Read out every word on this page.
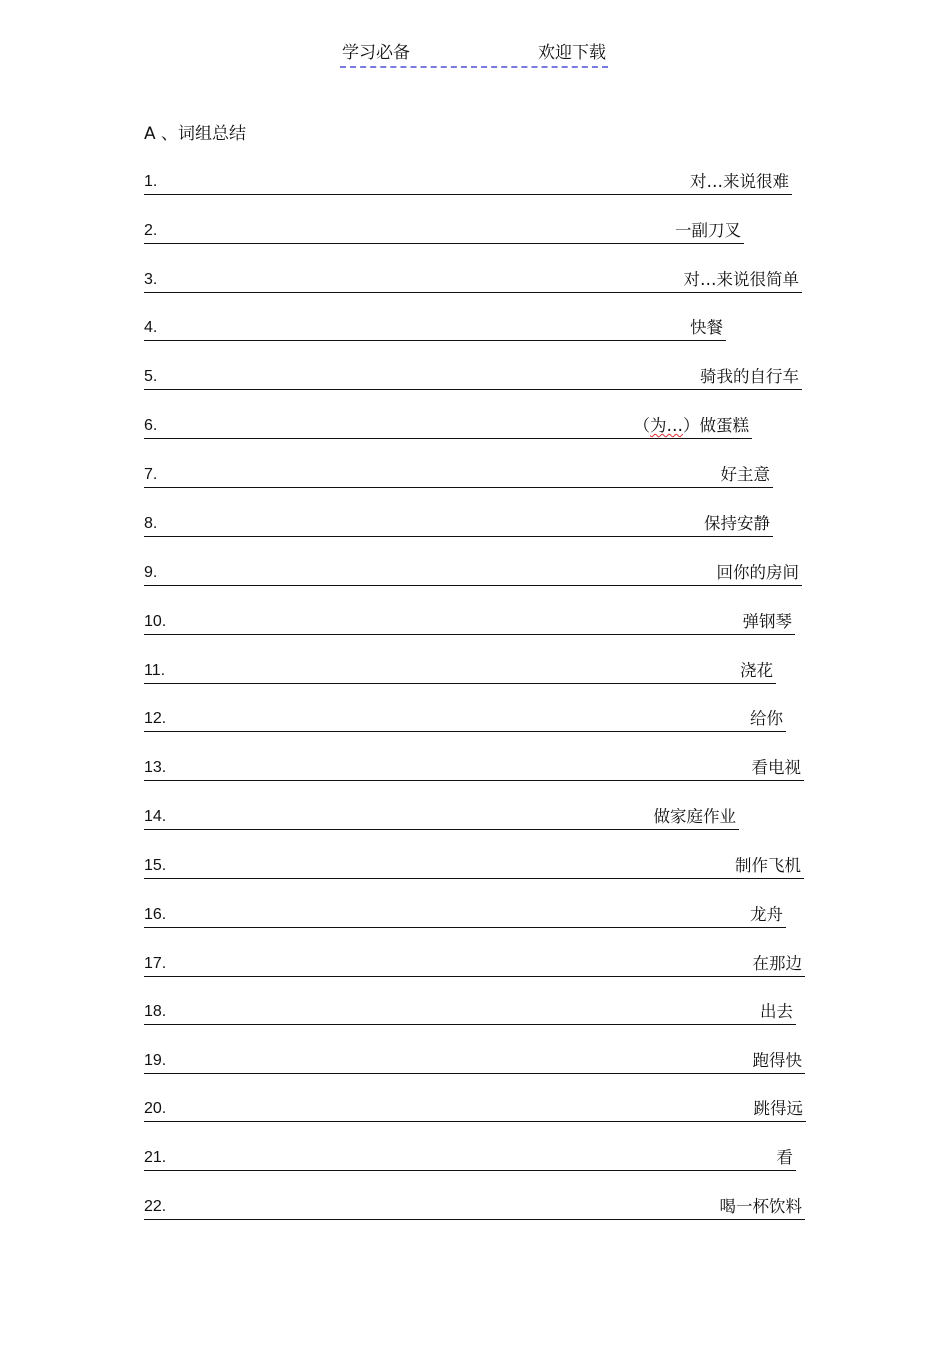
学习必备	欢迎下载
A 、词组总结
1.	对…来说很难
2.	一副刀叉
3.	对…来说很简单
4.	快餐
5.	骑我的自行车
6.	（为…）做蛋糕
7.	好主意
8.	保持安静
9.	回你的房间
10.	弹钢琴
11.	浇花
12.	给你
13.	看电视
14.	做家庭作业
15.	制作飞机
16.	龙舟
17.	在那边
18.	出去
19.	跑得快
20.	跳得远
21.	看
22.	喝一杯饮料
